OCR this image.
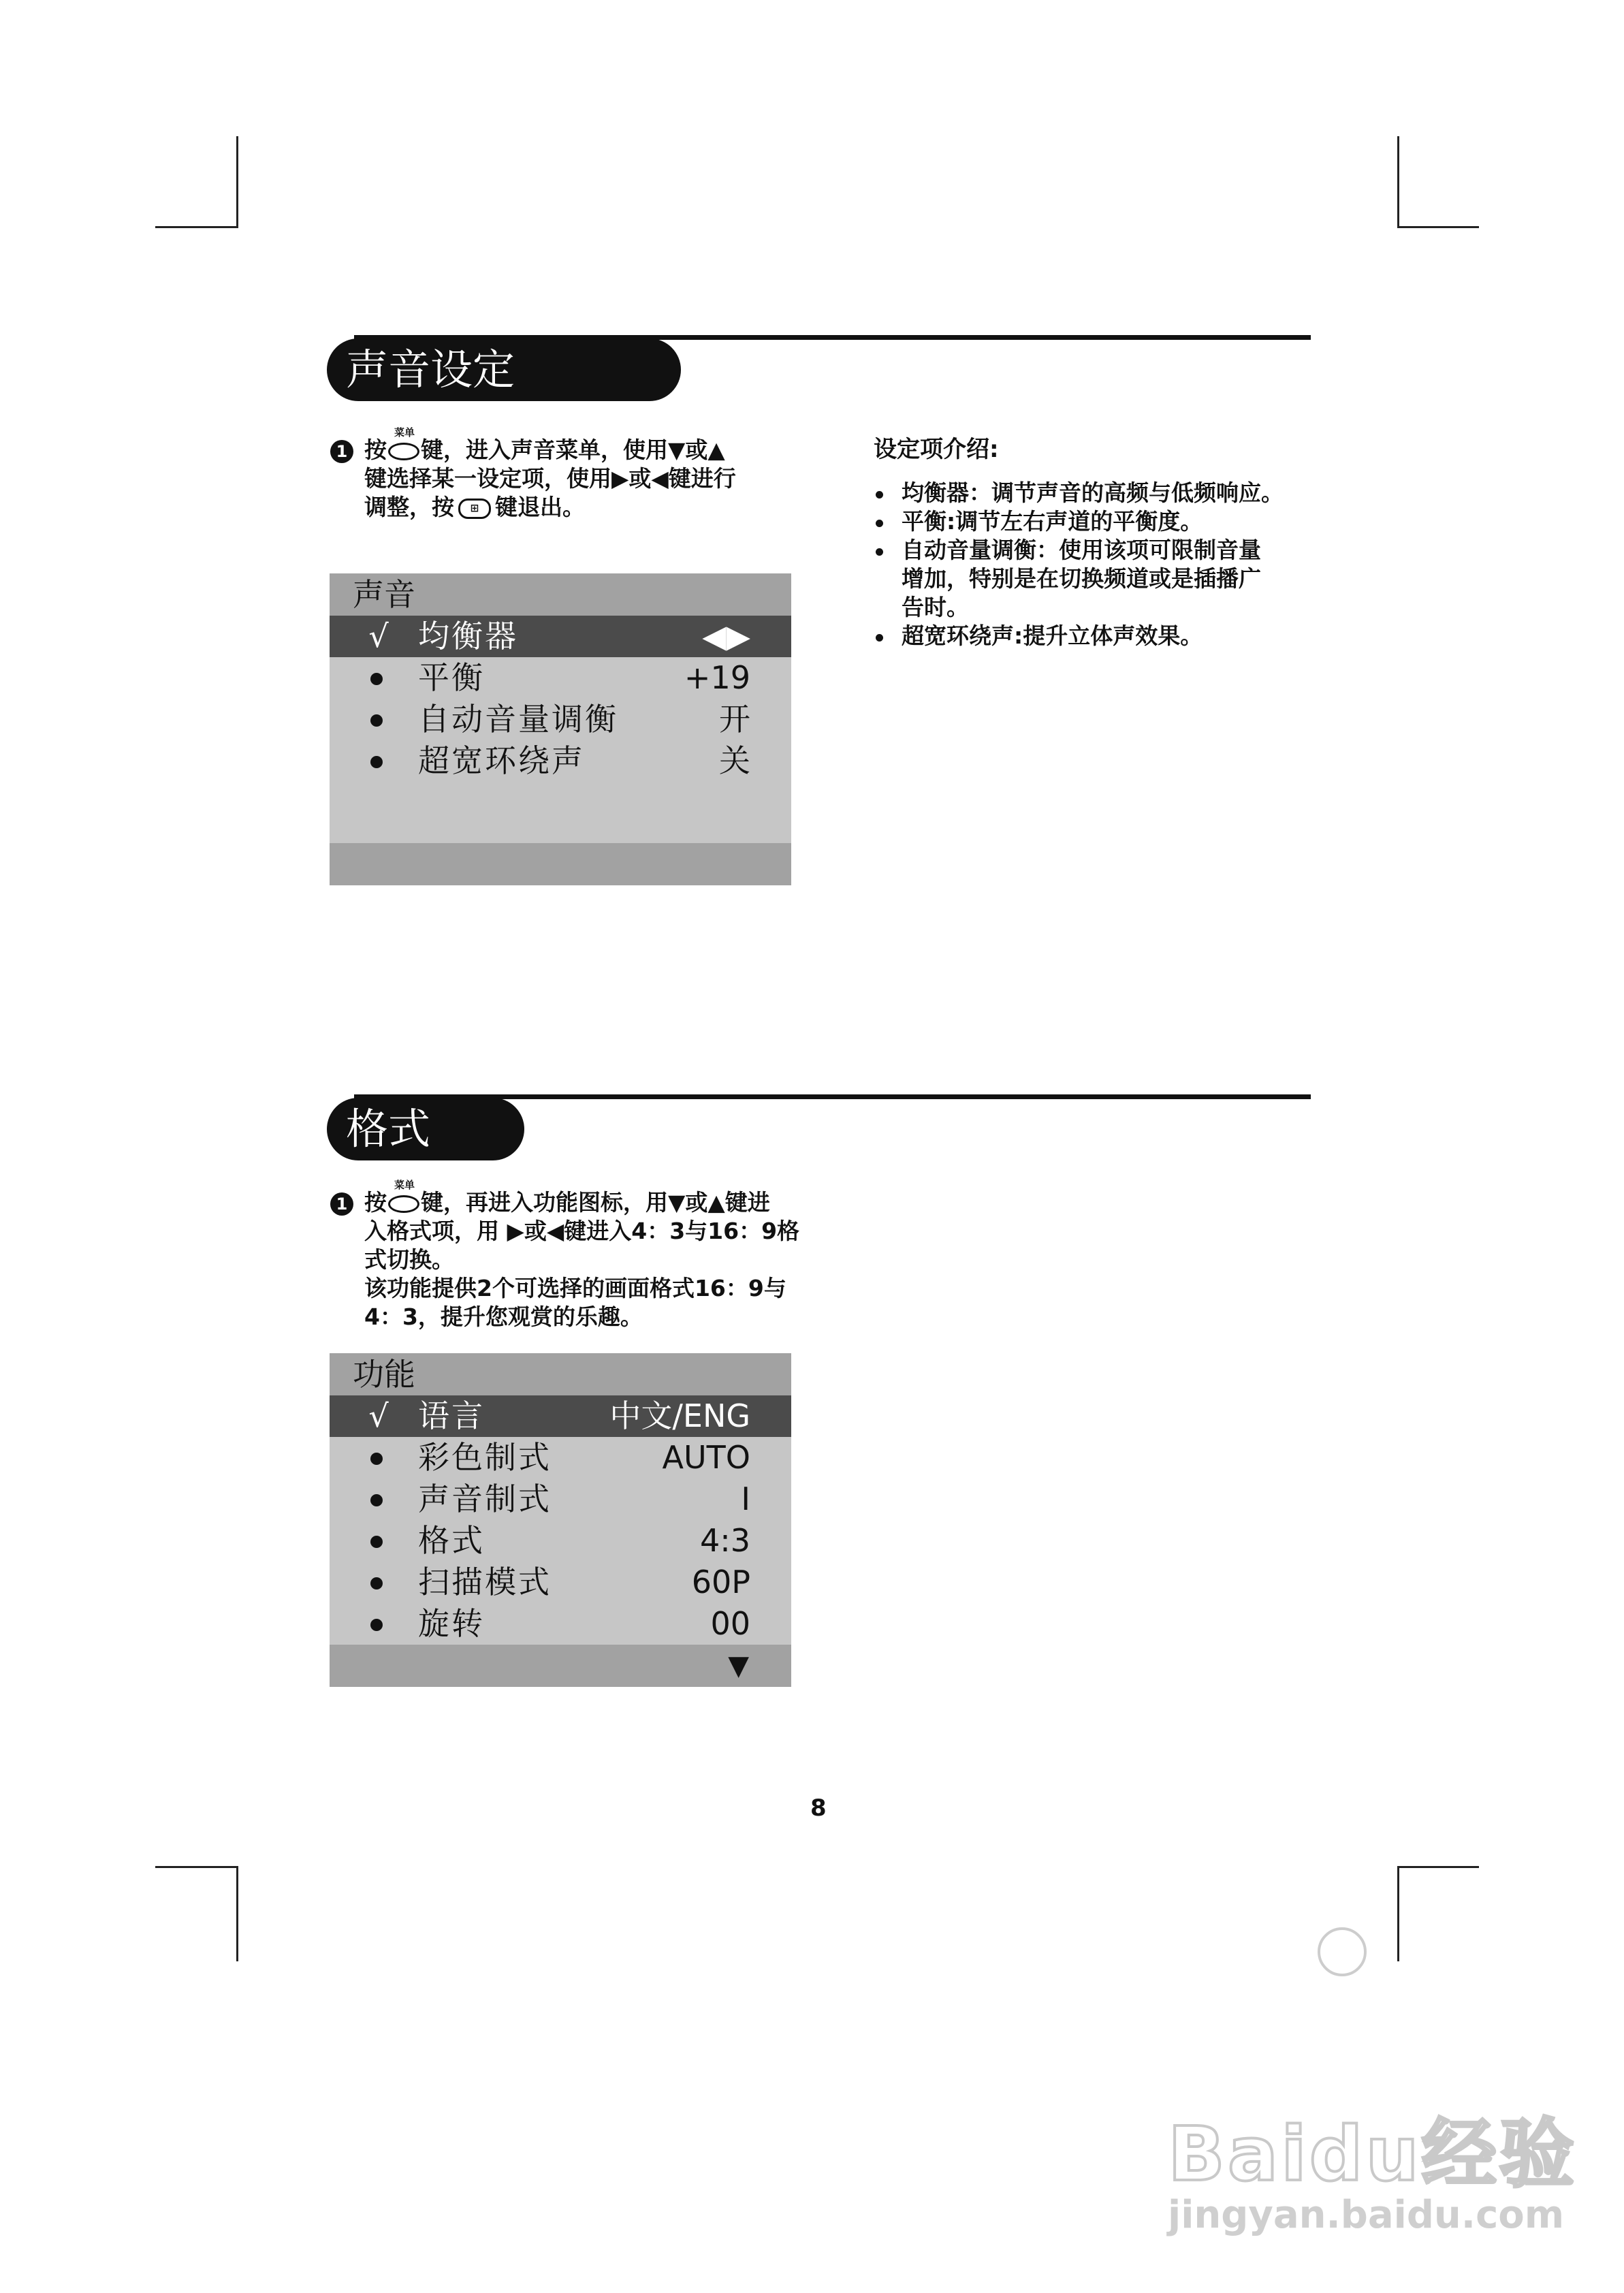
声音设定
1 按
菜单
键，进入声音菜单，使用▼或▲
键选择某一设定项，使用▶或◀键进行
调整，按 ⊞ 键退出。
声音
√ 均衡器	◀▶
平衡	+19
自动音量调衡	开
超宽环绕声	关
设定项介绍:
均衡器：调节声音的高频与低频响应。
平衡:调节左右声道的平衡度。
自动音量调衡：使用该项可限制音量
增加，特别是在切换频道或是插播广
告时。
超宽环绕声:提升立体声效果。
格式
1 按
菜单
键，再进入功能图标，用▼或▲键进
入格式项，用 ▶或◀键进入4：3与16：9格
式切换。
该功能提供2个可选择的画面格式16：9与
4：3，提升您观赏的乐趣。
功能
√ 语言	中文/ENG
彩色制式	AUTO
声音制式	I
格式	4:3
扫描模式	60P
旋转	00
▼
8
Baidu经验
jingyan.baidu.com
